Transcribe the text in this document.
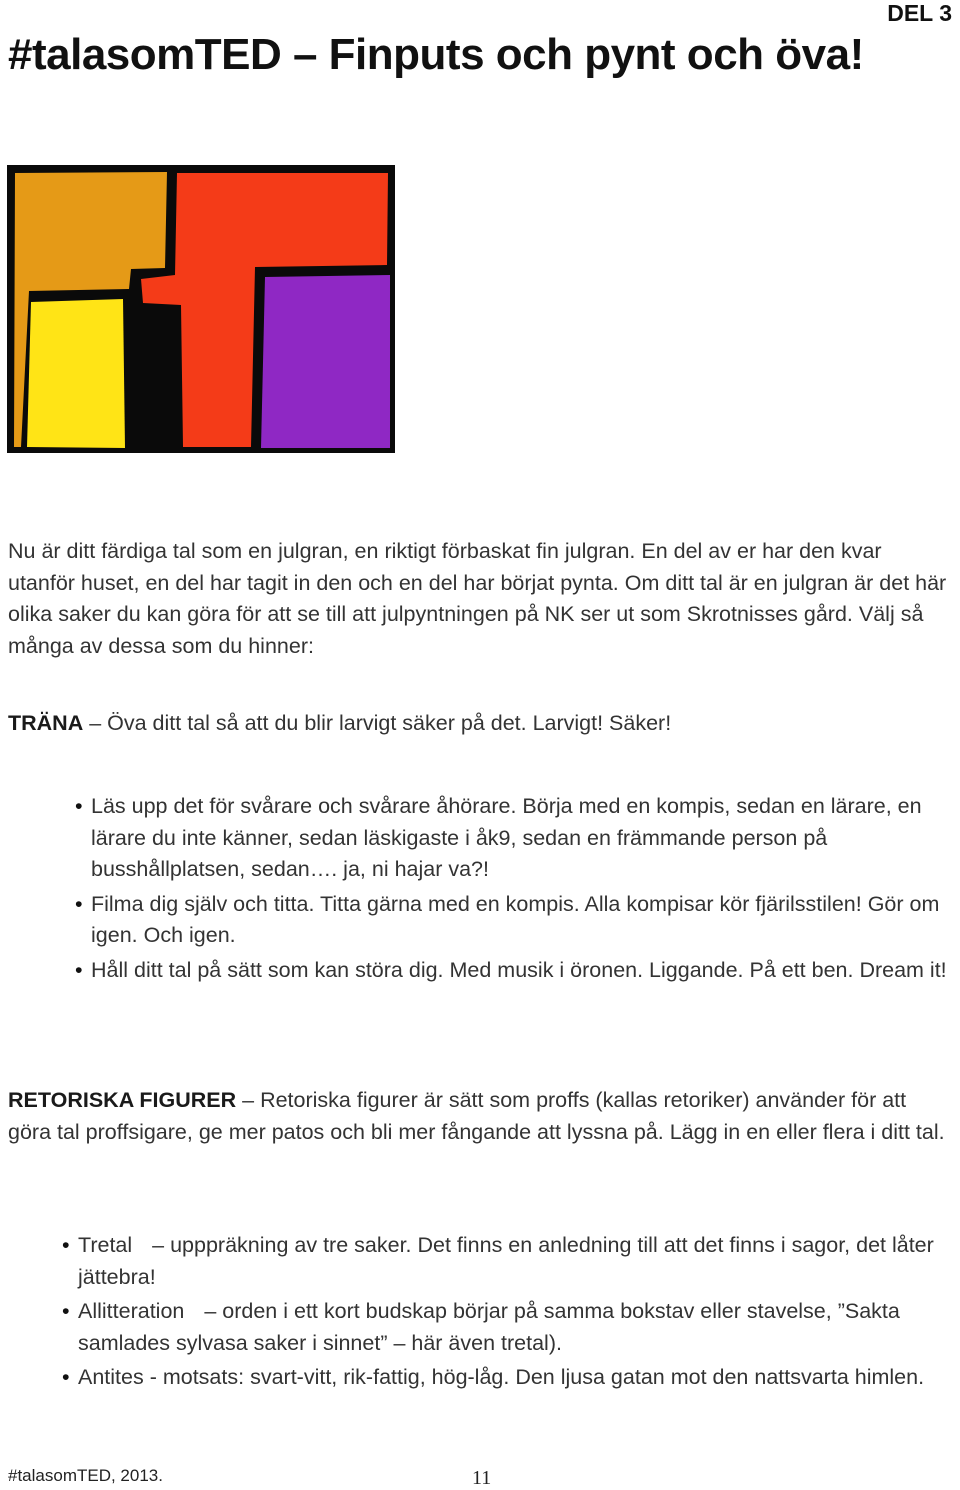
DEL 3
#talasomTED – Finputs och pynt och öva!

Nu är ditt färdiga tal som en julgran, en riktigt förbaskat fin julgran. En del av er har den kvar utanför huset, en del har tagit in den och en del har börjat pynta. Om ditt tal är en julgran är det här olika saker du kan göra för att se till att julpyntningen på NK ser ut som Skrotnisses gård. Välj så många av dessa som du hinner:

TRÄNA – Öva ditt tal så att du blir larvigt säker på det. Larvigt! Säker!

• Läs upp det för svårare och svårare åhörare. Börja med en kompis, sedan en lärare, en lärare du inte känner, sedan läskigaste i åk9, sedan en främmande person på busshållplatsen, sedan…. ja, ni hajar va?!
• Filma dig själv och titta. Titta gärna med en kompis. Alla kompisar kör fjärilsstilen! Gör om igen. Och igen.
• Håll ditt tal på sätt som kan störa dig. Med musik i öronen. Liggande. På ett ben. Dream it!

RETORISKA FIGURER – Retoriska figurer är sätt som proffs (kallas retoriker) använder för att göra tal proffsigare, ge mer patos och bli mer fångande att lyssna på. Lägg in en eller flera i ditt tal.

• Tretal – upppräkning av tre saker. Det finns en anledning till att det finns i sagor, det låter jättebra!
• Allitteration – orden i ett kort budskap börjar på samma bokstav eller stavelse, ”Sakta samlades sylvasa saker i sinnet” – här även tretal).
• Antites - motsats: svart-vitt, rik-fattig, hög-låg. Den ljusa gatan mot den nattsvarta himlen.
#talasomTED, 2013.	11
